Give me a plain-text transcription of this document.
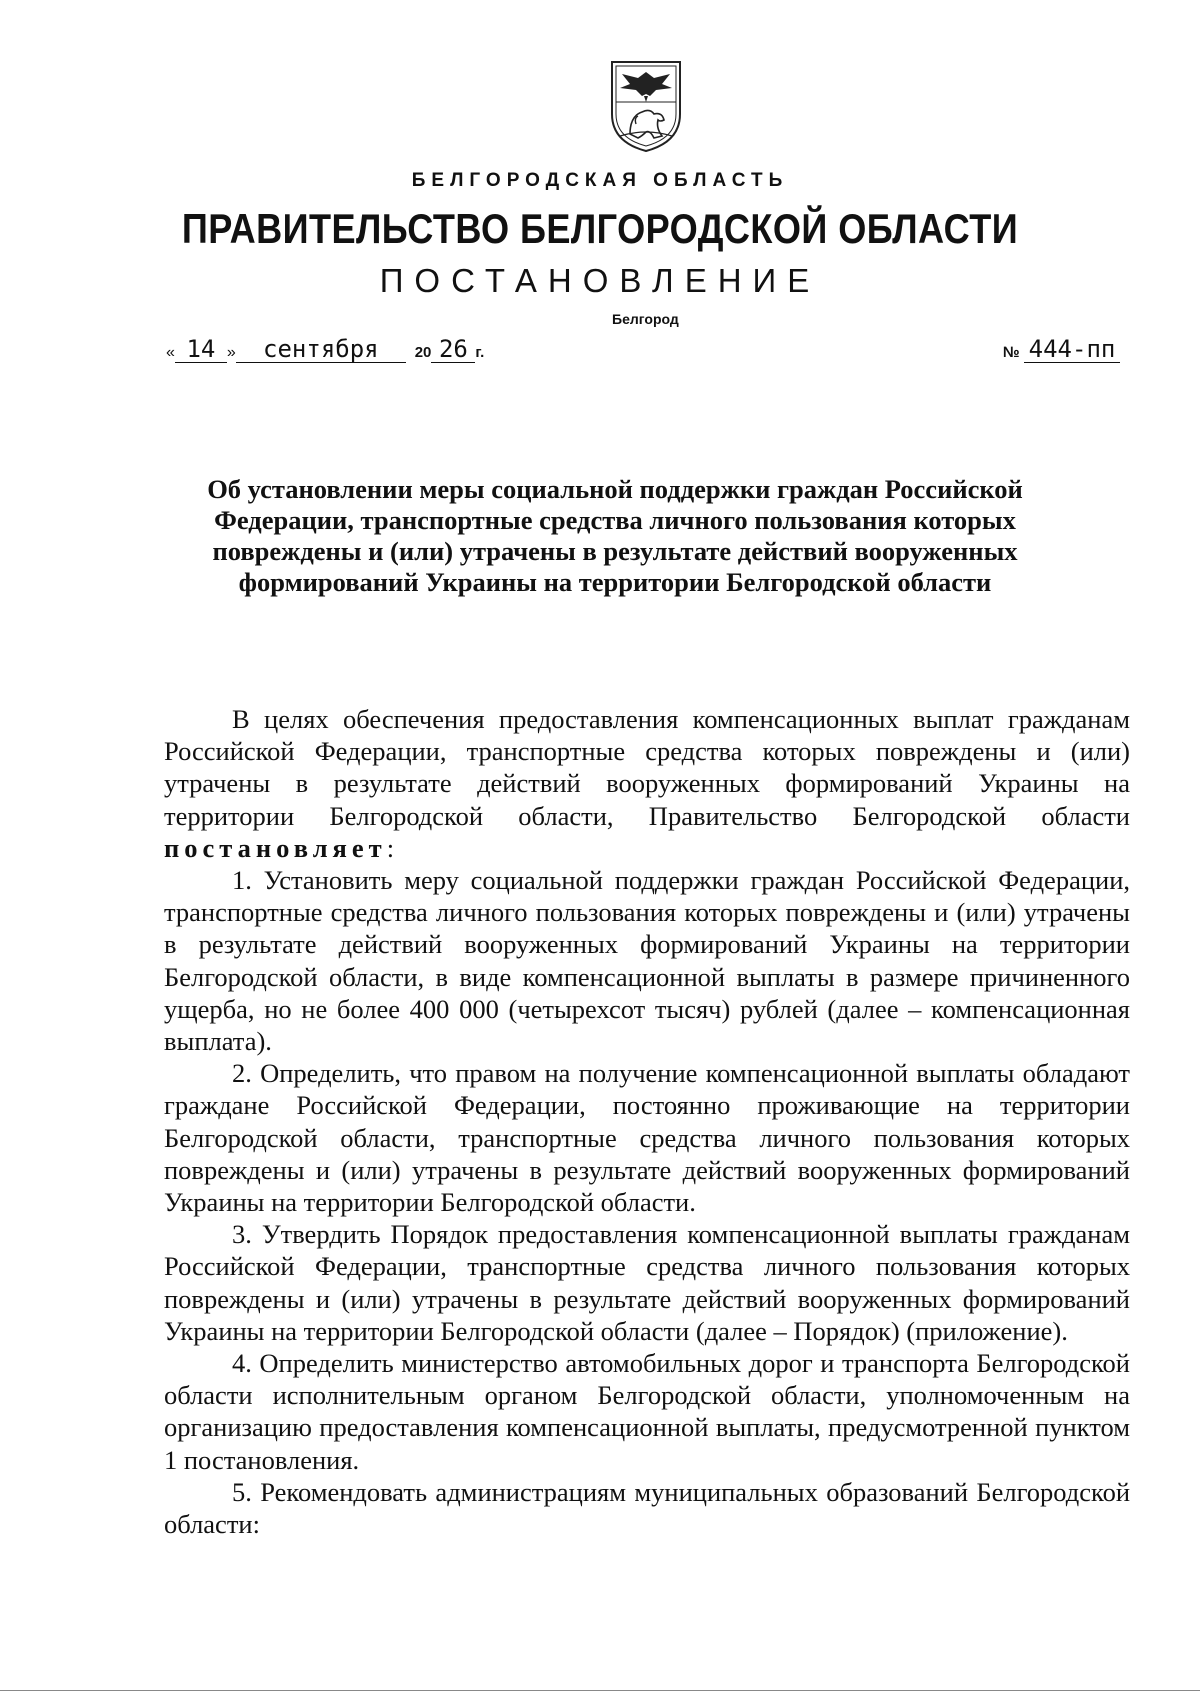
БЕЛГОРОДСКАЯ ОБЛАСТЬ
ПРАВИТЕЛЬСТВО БЕЛГОРОДСКОЙ ОБЛАСТИ
ПОСТАНОВЛЕНИЕ
Белгород
« 14 » сентября 20 26 г.	№ 444-пп
Об установлении меры социальной поддержки граждан Российской Федерации, транспортные средства личного пользования которых повреждены и (или) утрачены в результате действий вооруженных формирований Украины на территории Белгородской области

В целях обеспечения предоставления компенсационных выплат гражданам Российской Федерации, транспортные средства которых повреждены и (или) утрачены в результате действий вооруженных формирований Украины на территории Белгородской области, Правительство Белгородской области постановляет:

1. Установить меру социальной поддержки граждан Российской Федерации, транспортные средства личного пользования которых повреждены и (или) утрачены в результате действий вооруженных формирований Украины на территории Белгородской области, в виде компенсационной выплаты в размере причиненного ущерба, но не более 400 000 (четырехсот тысяч) рублей (далее – компенсационная выплата).

2. Определить, что правом на получение компенсационной выплаты обладают граждане Российской Федерации, постоянно проживающие на территории Белгородской области, транспортные средства личного пользования которых повреждены и (или) утрачены в результате действий вооруженных формирований Украины на территории Белгородской области.

3. Утвердить Порядок предоставления компенсационной выплаты гражданам Российской Федерации, транспортные средства личного пользования которых повреждены и (или) утрачены в результате действий вооруженных формирований Украины на территории Белгородской области (далее – Порядок) (приложение).

4. Определить министерство автомобильных дорог и транспорта Белгородской области исполнительным органом Белгородской области, уполномоченным на организацию предоставления компенсационной выплаты, предусмотренной пунктом 1 постановления.

5. Рекомендовать администрациям муниципальных образований Белгородской области:
